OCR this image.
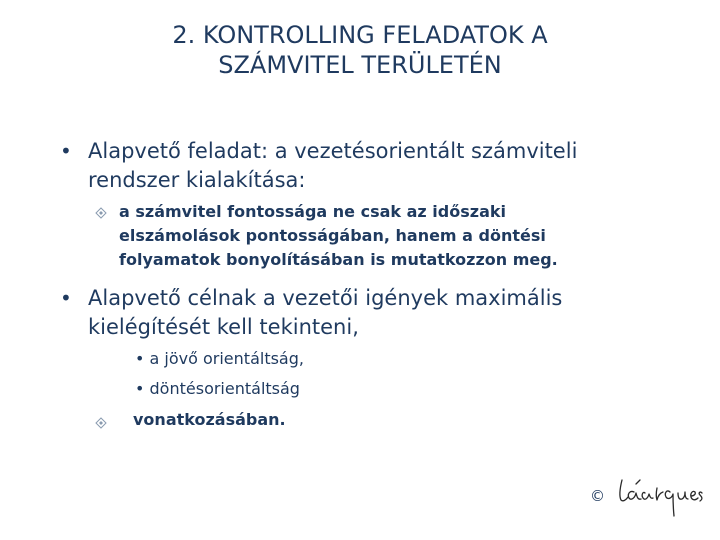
2. KONTROLLING FELADATOK A
SZÁMVITEL TERÜLETÉN
• Alapvető feladat: a vezetésorientált számviteli
rendszer kialakítása:
a számvitel fontossága ne csak az időszaki
elszámolások pontosságában, hanem a döntési
folyamatok bonyolításában is mutatkozzon meg.
• Alapvető célnak a vezetői igények maximális
kielégítését kell tekinteni,
• a jövő orientáltság,
• döntésorientáltság
vonatkozásában.
©
